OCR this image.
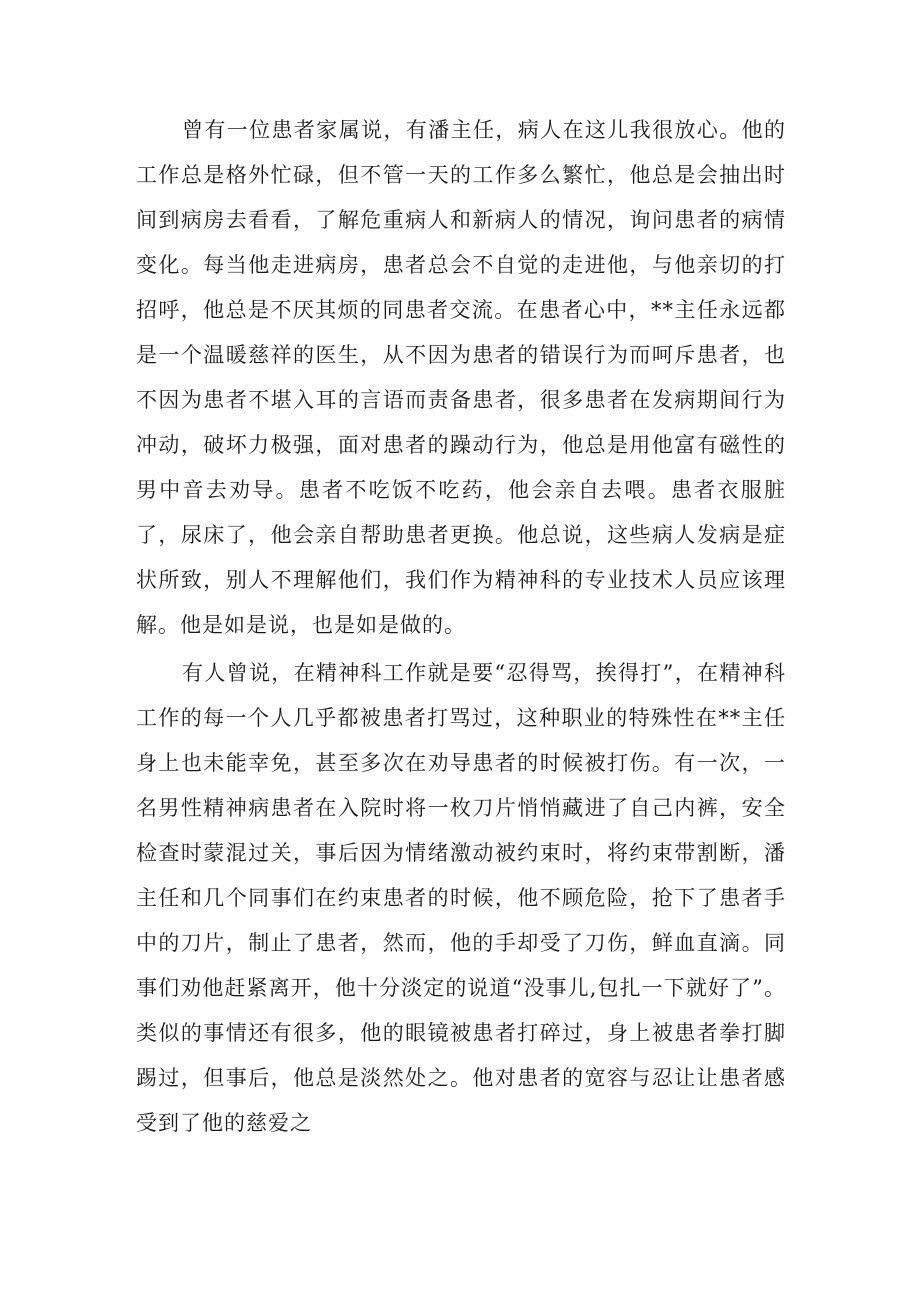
曾有一位患者家属说，有潘主任，病人在这儿我很放心。他的工作总是格外忙碌，但不管一天的工作多么繁忙，他总是会抽出时间到病房去看看，了解危重病人和新病人的情况，询问患者的病情变化。每当他走进病房，患者总会不自觉的走进他，与他亲切的打招呼，他总是不厌其烦的同患者交流。在患者心中，**主任永远都是一个温暖慈祥的医生，从不因为患者的错误行为而呵斥患者，也不因为患者不堪入耳的言语而责备患者，很多患者在发病期间行为冲动，破坏力极强，面对患者的躁动行为，他总是用他富有磁性的男中音去劝导。患者不吃饭不吃药，他会亲自去喂。患者衣服脏了，尿床了，他会亲自帮助患者更换。他总说，这些病人发病是症状所致，别人不理解他们，我们作为精神科的专业技术人员应该理解。他是如是说，也是如是做的。

有人曾说，在精神科工作就是要“忍得骂，挨得打”，在精神科工作的每一个人几乎都被患者打骂过，这种职业的特殊性在**主任身上也未能幸免，甚至多次在劝导患者的时候被打伤。有一次，一名男性精神病患者在入院时将一枚刀片悄悄藏进了自己内裤，安全检查时蒙混过关，事后因为情绪激动被约束时，将约束带割断，潘主任和几个同事们在约束患者的时候，他不顾危险，抢下了患者手中的刀片，制止了患者，然而，他的手却受了刀伤，鲜血直滴。同事们劝他赶紧离开，他十分淡定的说道“没事儿,包扎一下就好了”。类似的事情还有很多，他的眼镜被患者打碎过，身上被患者拳打脚踢过，但事后，他总是淡然处之。他对患者的宽容与忍让让患者感受到了他的慈爱之
